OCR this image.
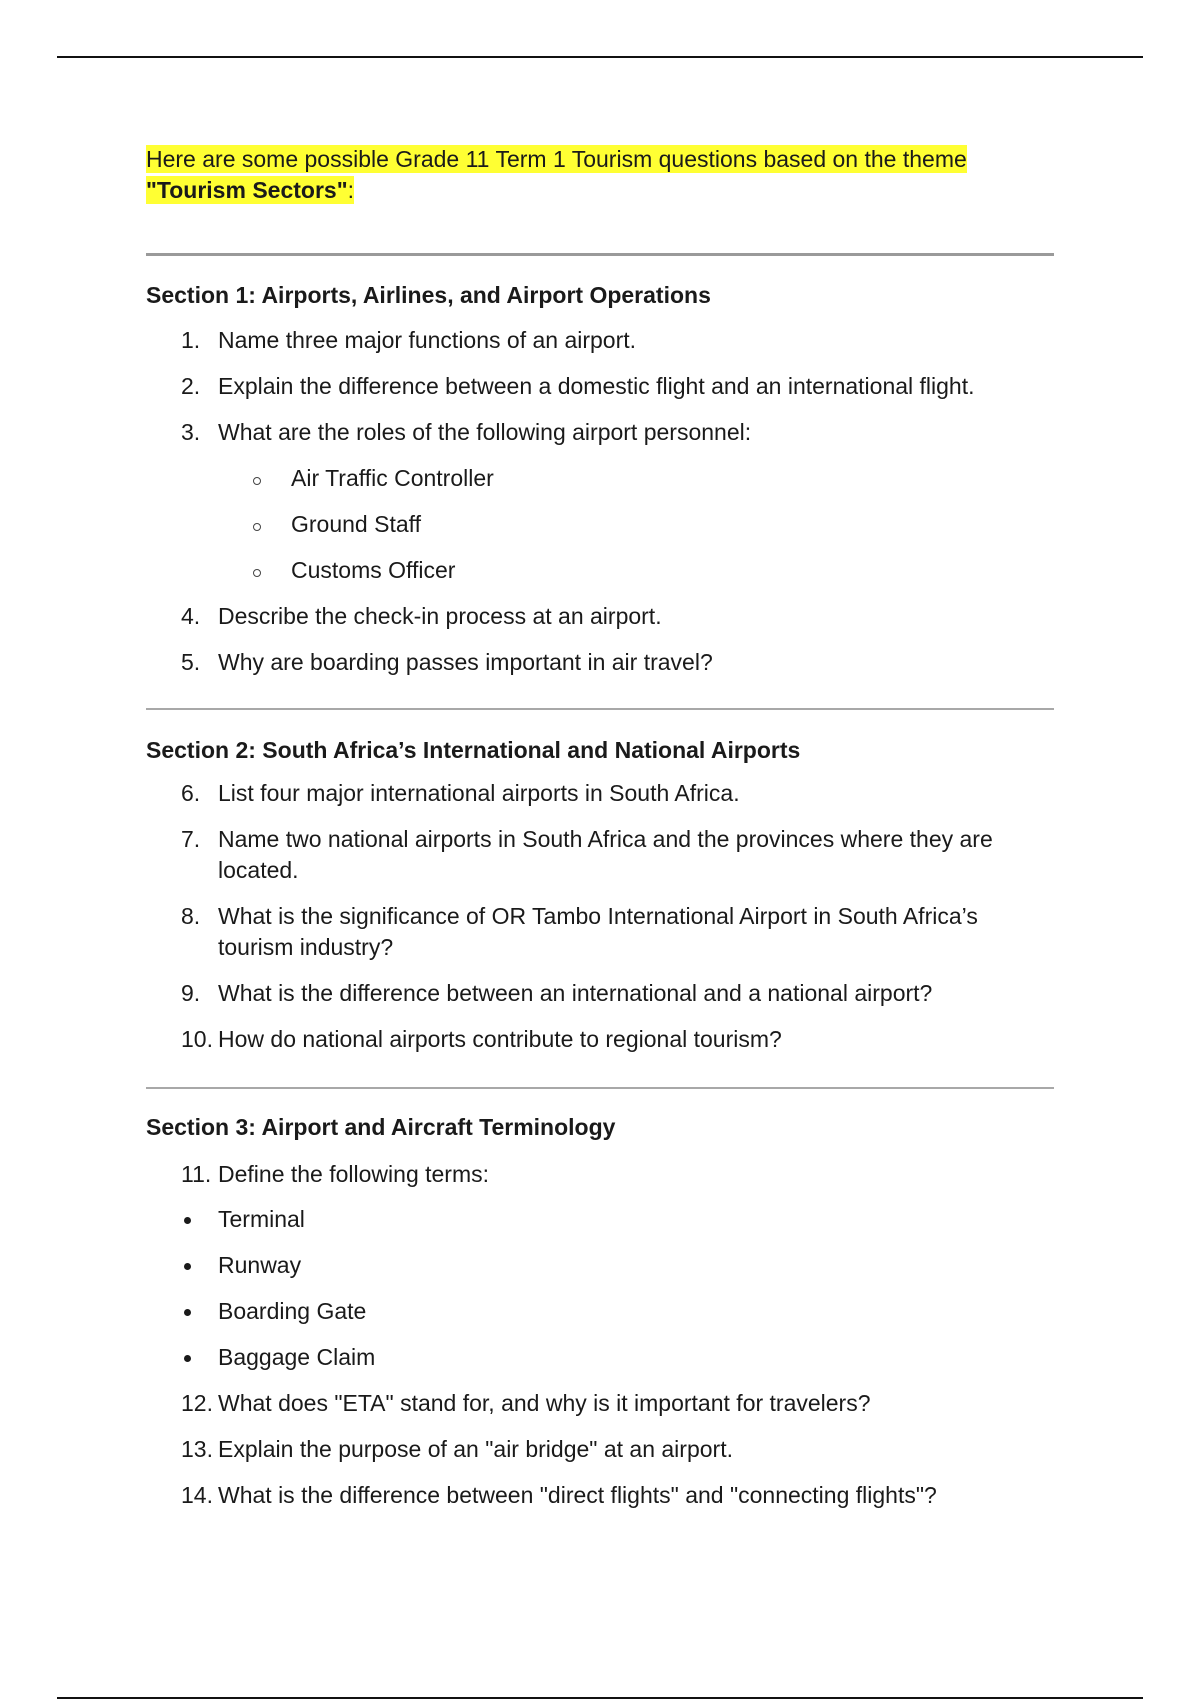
Here are some possible Grade 11 Term 1 Tourism questions based on the theme
"Tourism Sectors":

Section 1: Airports, Airlines, and Airport Operations
1. Name three major functions of an airport.
2. Explain the difference between a domestic flight and an international flight.
3. What are the roles of the following airport personnel:
Air Traffic Controller
Ground Staff
Customs Officer
4. Describe the check-in process at an airport.
5. Why are boarding passes important in air travel?
Section 2: South Africa’s International and National Airports
6. List four major international airports in South Africa.
7. Name two national airports in South Africa and the provinces where they are located.
8. What is the significance of OR Tambo International Airport in South Africa’s tourism industry?
9. What is the difference between an international and a national airport?
10. How do national airports contribute to regional tourism?
Section 3: Airport and Aircraft Terminology
11. Define the following terms:
Terminal
Runway
Boarding Gate
Baggage Claim
12. What does "ETA" stand for, and why is it important for travelers?
13. Explain the purpose of an "air bridge" at an airport.
14. What is the difference between "direct flights" and "connecting flights"?
